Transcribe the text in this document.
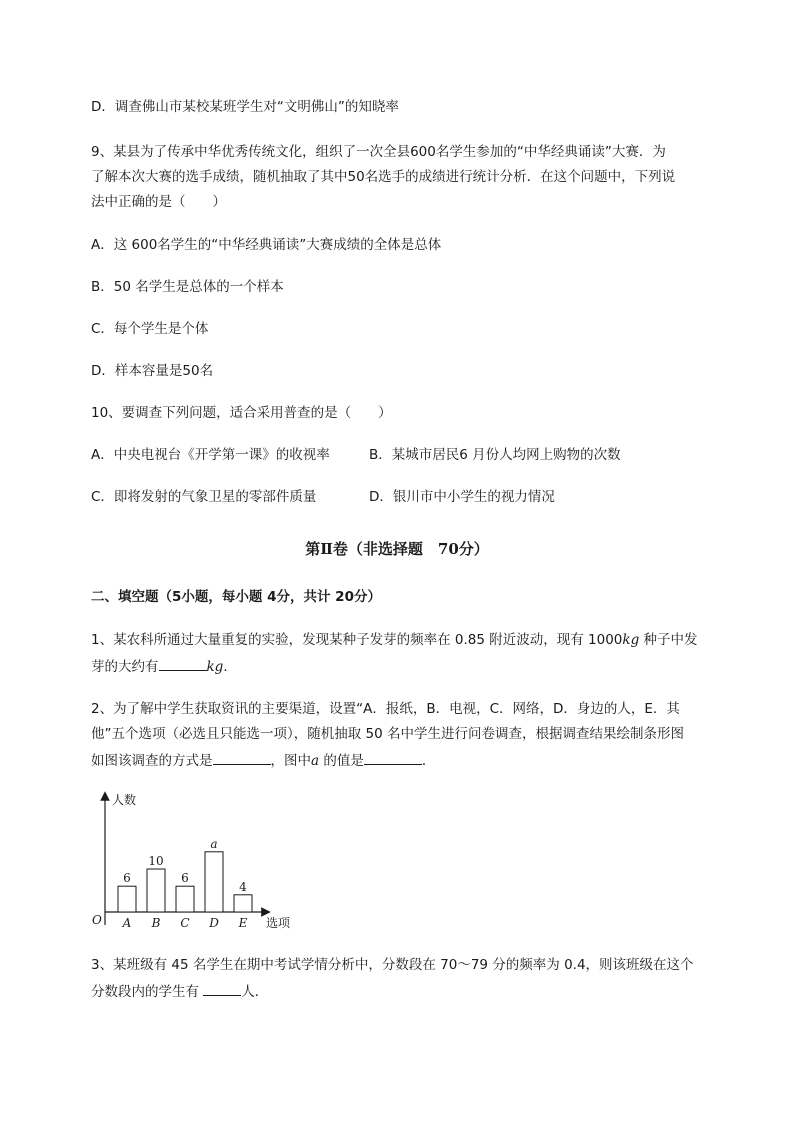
D．调查佛山市某校某班学生对“文明佛山”的知晓率
9、某县为了传承中华优秀传统文化，组织了一次全县600名学生参加的“中华经典诵读”大赛．为
了解本次大赛的选手成绩，随机抽取了其中50名选手的成绩进行统计分析．在这个问题中，下列说
法中正确的是（　　）
A．这 600名学生的“中华经典诵读”大赛成绩的全体是总体
B．50 名学生是总体的一个样本
C．每个学生是个体
D．样本容量是50名
10、要调查下列问题，适合采用普查的是（　　）
A．中央电视台《开学第一课》的收视率	B．某城市居民6 月份人均网上购物的次数
C．即将发射的气象卫星的零部件质量	D．银川市中小学生的视力情况
第Ⅱ卷（非选择题　70分）
二、填空题（5小题，每小题 4分，共计 20分）
1、某农科所通过大量重复的实验，发现某种子发芽的频率在 0.85 附近波动，现有 1000kg 种子中发
芽的大约有	kg．
2、为了解中学生获取资讯的主要渠道，设置“A．报纸，B．电视，C．网络，D．身边的人，E．其
他”五个选项（必选且只能选一项），随机抽取 50 名中学生进行问卷调查，根据调查结果绘制条形图
如图该调查的方式是	，图中a 的值是	．
人数
选项
O
6
A
10
B
6
C
a
D
4
E
3、某班级有 45 名学生在期中考试学情分析中，分数段在 70～79 分的频率为 0.4，则该班级在这个
分数段内的学生有	人．
